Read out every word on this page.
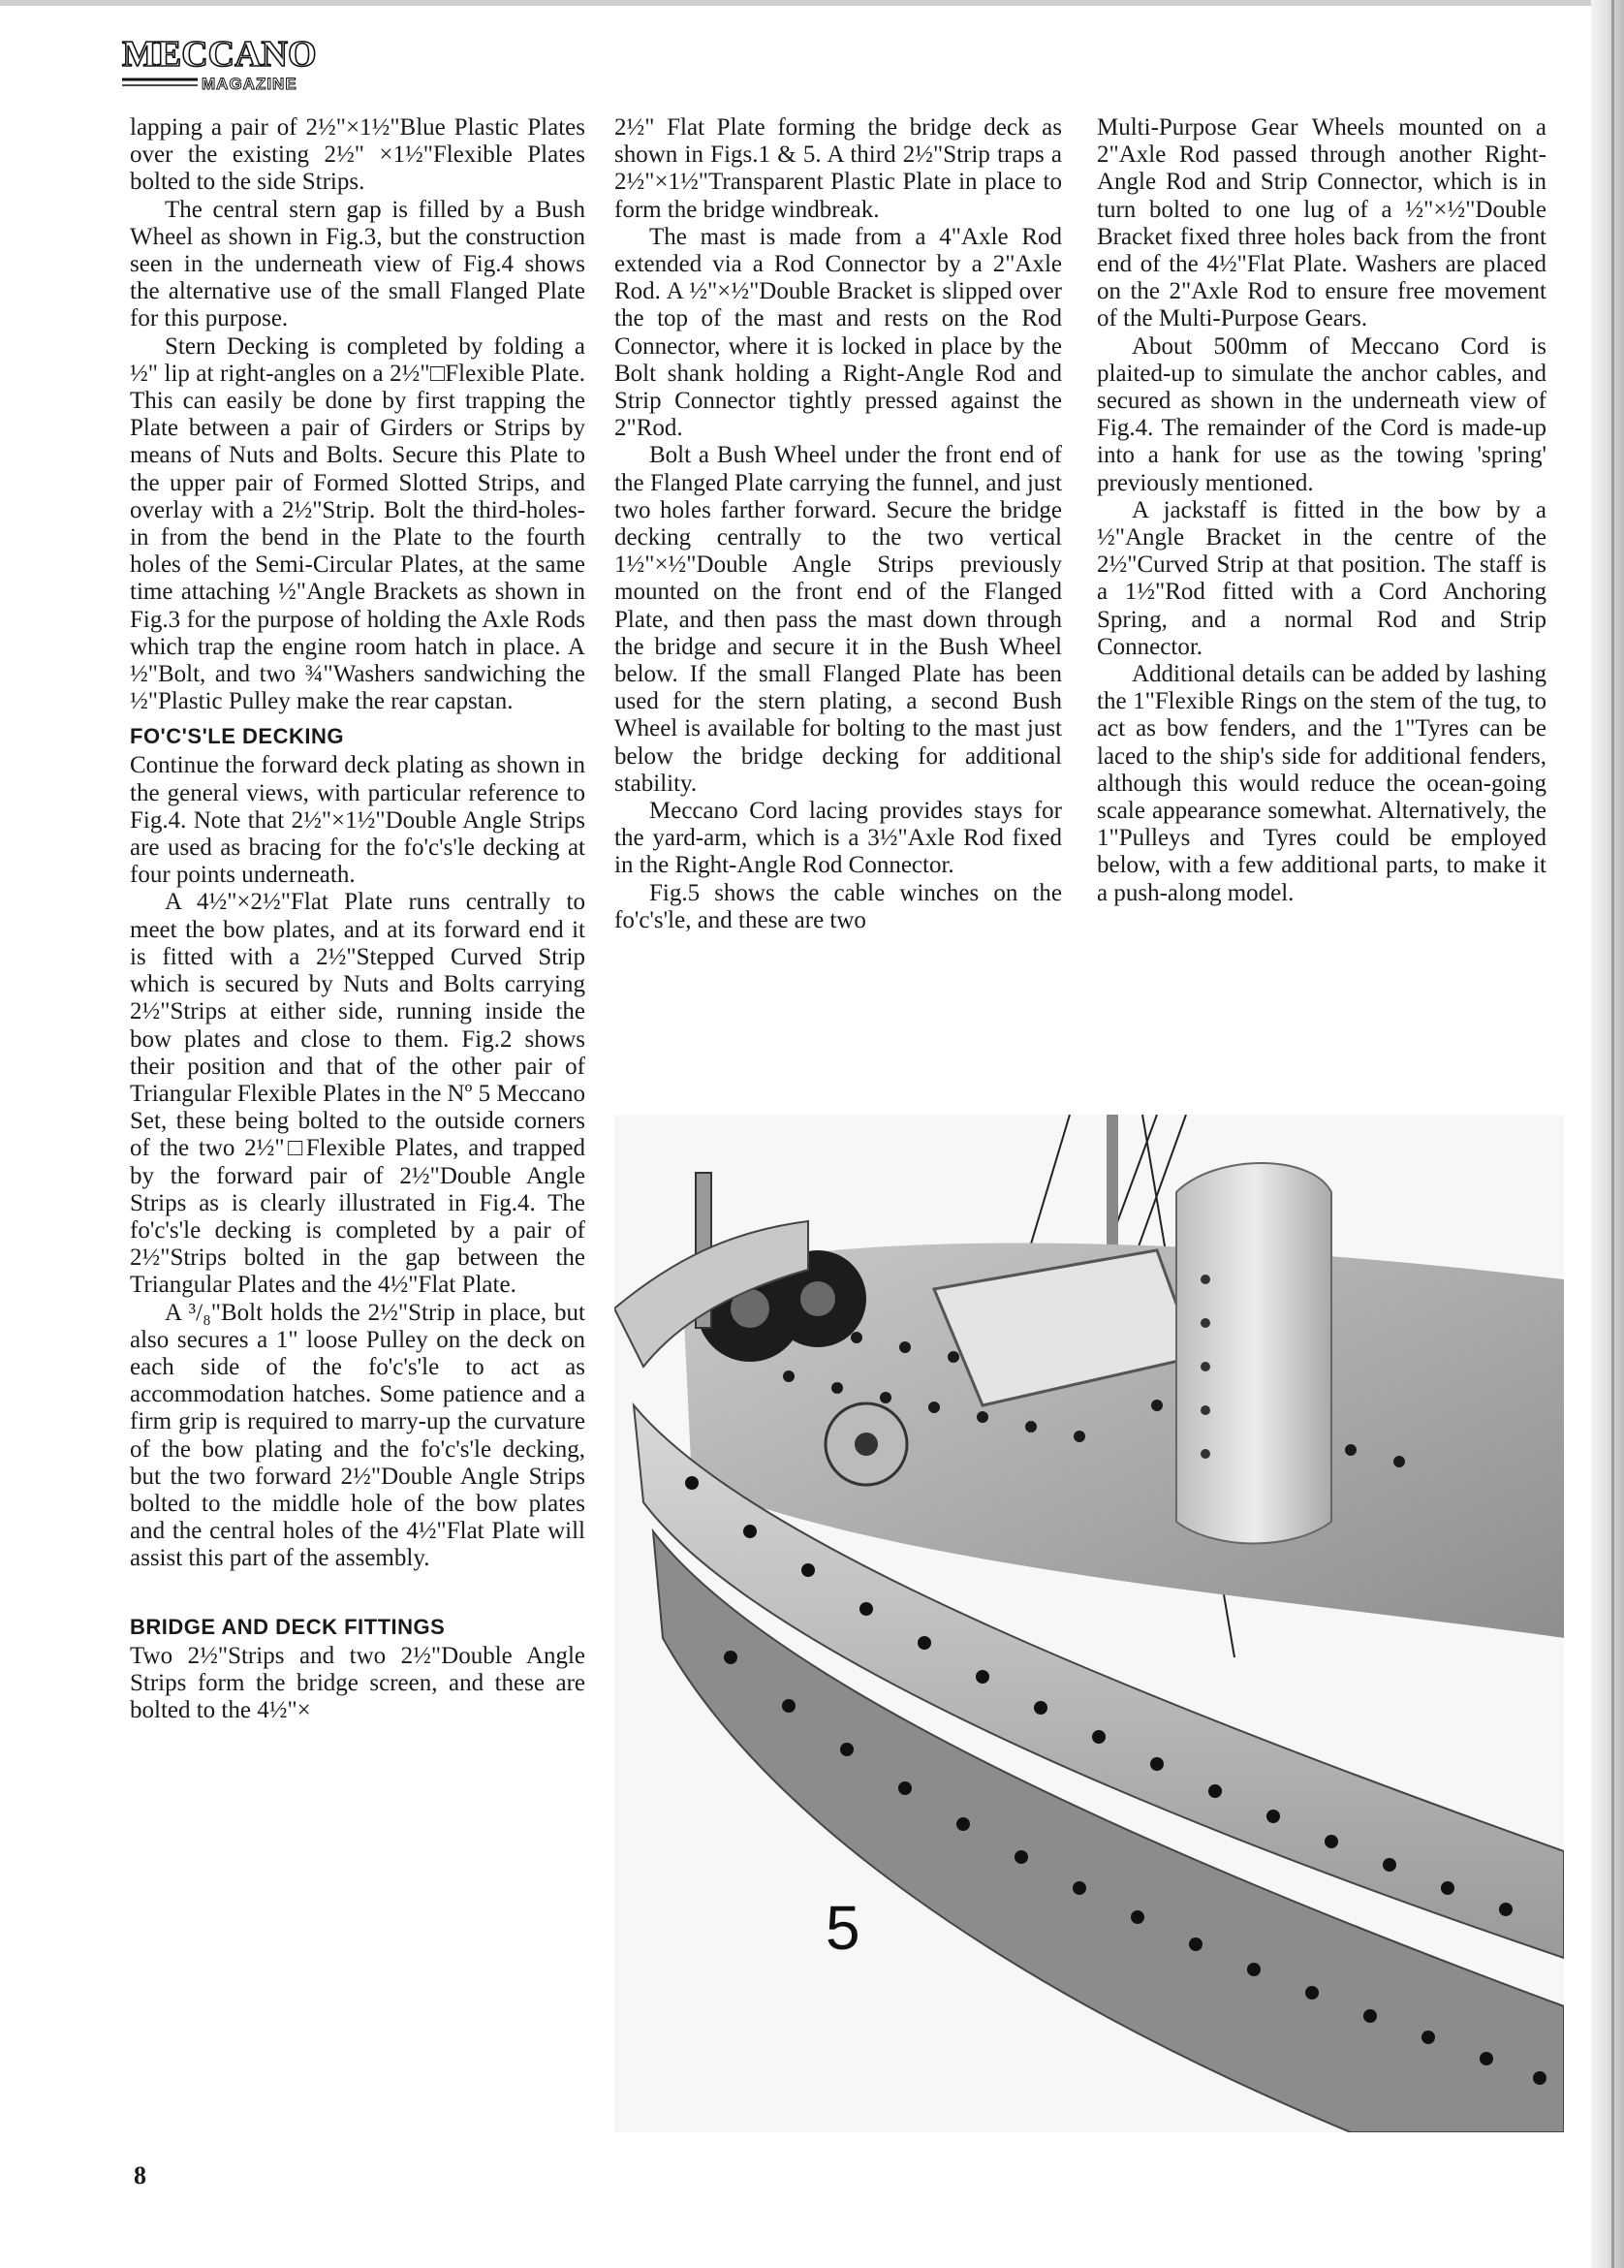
MECCANO
MAGAZINE

lapping a pair of 2½"×1½"Blue Plastic Plates over the existing 2½" ×1½"Flexible Plates bolted to the side Strips.

The central stern gap is filled by a Bush Wheel as shown in Fig.3, but the construction seen in the underneath view of Fig.4 shows the alternative use of the small Flanged Plate for this purpose.

Stern Decking is completed by folding a ½" lip at right-angles on a 2½"□Flexible Plate. This can easily be done by first trapping the Plate between a pair of Girders or Strips by means of Nuts and Bolts. Secure this Plate to the upper pair of Formed Slotted Strips, and overlay with a 2½"Strip. Bolt the third-holes-in from the bend in the Plate to the fourth holes of the Semi-Circular Plates, at the same time attaching ½"Angle Brackets as shown in Fig.3 for the purpose of holding the Axle Rods which trap the engine room hatch in place. A ½"Bolt, and two ¾"Washers sandwiching the ½"Plastic Pulley make the rear capstan.

FO'C'S'LE DECKING

Continue the forward deck plating as shown in the general views, with particular reference to Fig.4. Note that 2½"×1½"Double Angle Strips are used as bracing for the fo'c's'le decking at four points underneath.

A 4½"×2½"Flat Plate runs centrally to meet the bow plates, and at its forward end it is fitted with a 2½"Stepped Curved Strip which is secured by Nuts and Bolts carrying 2½"Strips at either side, running inside the bow plates and close to them. Fig.2 shows their position and that of the other pair of Triangular Flexible Plates in the Nº 5 Meccano Set, these being bolted to the outside corners of the two 2½"□Flexible Plates, and trapped by the forward pair of 2½"Double Angle Strips as is clearly illustrated in Fig.4. The fo'c's'le decking is completed by a pair of 2½"Strips bolted in the gap between the Triangular Plates and the 4½"Flat Plate.

A ³/₈"Bolt holds the 2½"Strip in place, but also secures a 1" loose Pulley on the deck on each side of the fo'c's'le to act as accommodation hatches. Some patience and a firm grip is required to marry-up the curvature of the bow plating and the fo'c's'le decking, but the two forward 2½"Double Angle Strips bolted to the middle hole of the bow plates and the central holes of the 4½"Flat Plate will assist this part of the assembly.

BRIDGE AND DECK FITTINGS

Two 2½"Strips and two 2½"Double Angle Strips form the bridge screen, and these are bolted to the 4½"×

2½" Flat Plate forming the bridge deck as shown in Figs.1 & 5. A third 2½"Strip traps a 2½"×1½"Transparent Plastic Plate in place to form the bridge windbreak.

The mast is made from a 4"Axle Rod extended via a Rod Connector by a 2"Axle Rod. A ½"×½"Double Bracket is slipped over the top of the mast and rests on the Rod Connector, where it is locked in place by the Bolt shank holding a Right-Angle Rod and Strip Connector tightly pressed against the 2"Rod.

Bolt a Bush Wheel under the front end of the Flanged Plate carrying the funnel, and just two holes farther forward. Secure the bridge decking centrally to the two vertical 1½"×½"Double Angle Strips previously mounted on the front end of the Flanged Plate, and then pass the mast down through the bridge and secure it in the Bush Wheel below. If the small Flanged Plate has been used for the stern plating, a second Bush Wheel is available for bolting to the mast just below the bridge decking for additional stability.

Meccano Cord lacing provides stays for the yard-arm, which is a 3½"Axle Rod fixed in the Right-Angle Rod Connector.

Fig.5 shows the cable winches on the fo'c's'le, and these are two

Multi-Purpose Gear Wheels mounted on a 2"Axle Rod passed through another Right-Angle Rod and Strip Connector, which is in turn bolted to one lug of a ½"×½"Double Bracket fixed three holes back from the front end of the 4½"Flat Plate. Washers are placed on the 2"Axle Rod to ensure free movement of the Multi-Purpose Gears.

About 500mm of Meccano Cord is plaited-up to simulate the anchor cables, and secured as shown in the underneath view of Fig.4. The remainder of the Cord is made-up into a hank for use as the towing 'spring' previously mentioned.

A jackstaff is fitted in the bow by a ½"Angle Bracket in the centre of the 2½"Curved Strip at that position. The staff is a 1½"Rod fitted with a Cord Anchoring Spring, and a normal Rod and Strip Connector.

Additional details can be added by lashing the 1"Flexible Rings on the stem of the tug, to act as bow fenders, and the 1"Tyres can be laced to the ship's side for additional fenders, although this would reduce the ocean-going scale appearance somewhat. Alternatively, the 1"Pulleys and Tyres could be employed below, with a few additional parts, to make it a push-along model.

5
8
